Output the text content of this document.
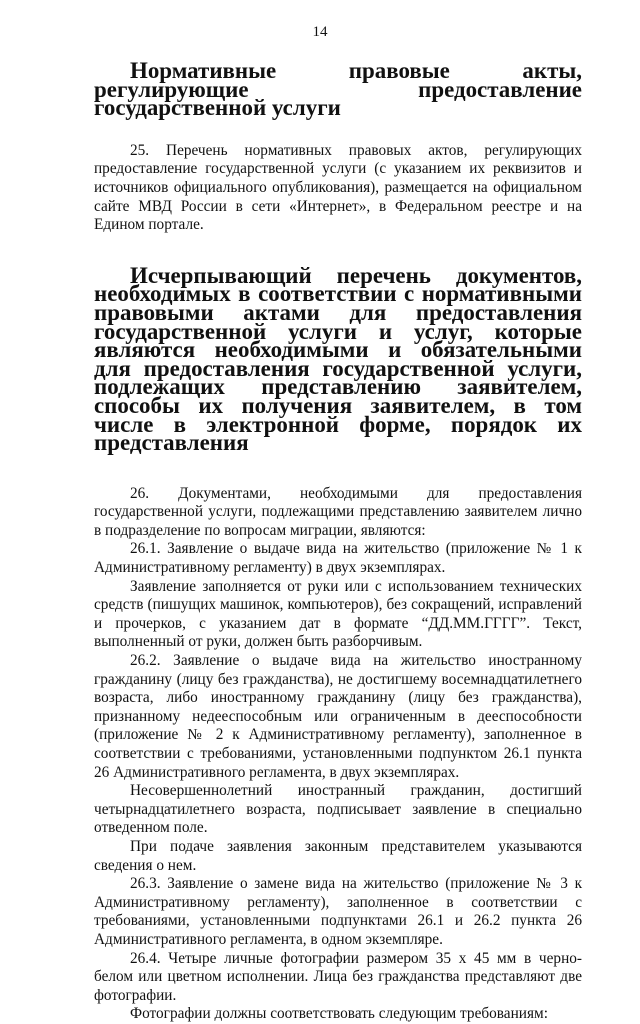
14
Нормативные правовые акты, регулирующие предоставление государственной услуги

25. Перечень нормативных правовых актов, регулирующих предоставление государственной услуги (с указанием их реквизитов и источников официального опубликования), размещается на официальном сайте МВД России в сети «Интернет», в Федеральном реестре и на Едином портале.

Исчерпывающий перечень документов, необходимых в соответствии с нормативными правовыми актами для предоставления государственной услуги и услуг, которые являются необходимыми и обязательными для предоставления государственной услуги, подлежащих представлению заявителем, способы их получения заявителем, в том числе в электронной форме, порядок их представления

26. Документами, необходимыми для предоставления государственной услуги, подлежащими представлению заявителем лично в подразделение по вопросам миграции, являются:

26.1. Заявление о выдаче вида на жительство (приложение № 1 к Административному регламенту) в двух экземплярах.

Заявление заполняется от руки или с использованием технических средств (пишущих машинок, компьютеров), без сокращений, исправлений и прочерков, с указанием дат в формате “ДД.ММ.ГГГГ”. Текст, выполненный от руки, должен быть разборчивым.

26.2. Заявление о выдаче вида на жительство иностранному гражданину (лицу без гражданства), не достигшему восемнадцатилетнего возраста, либо иностранному гражданину (лицу без гражданства), признанному недееспособным или ограниченным в дееспособности (приложение № 2 к Административному регламенту), заполненное в соответствии с требованиями, установленными подпунктом 26.1 пункта 26 Административного регламента, в двух экземплярах.

Несовершеннолетний иностранный гражданин, достигший четырнадцатилетнего возраста, подписывает заявление в специально отведенном поле.

При подаче заявления законным представителем указываются сведения о нем.

26.3. Заявление о замене вида на жительство (приложение № 3 к Административному регламенту), заполненное в соответствии с требованиями, установленными подпунктами 26.1 и 26.2 пункта 26 Административного регламента, в одном экземпляре.

26.4. Четыре личные фотографии размером 35 х 45 мм в черно-белом или цветном исполнении. Лица без гражданства представляют две фотографии.

Фотографии должны соответствовать следующим требованиям:
